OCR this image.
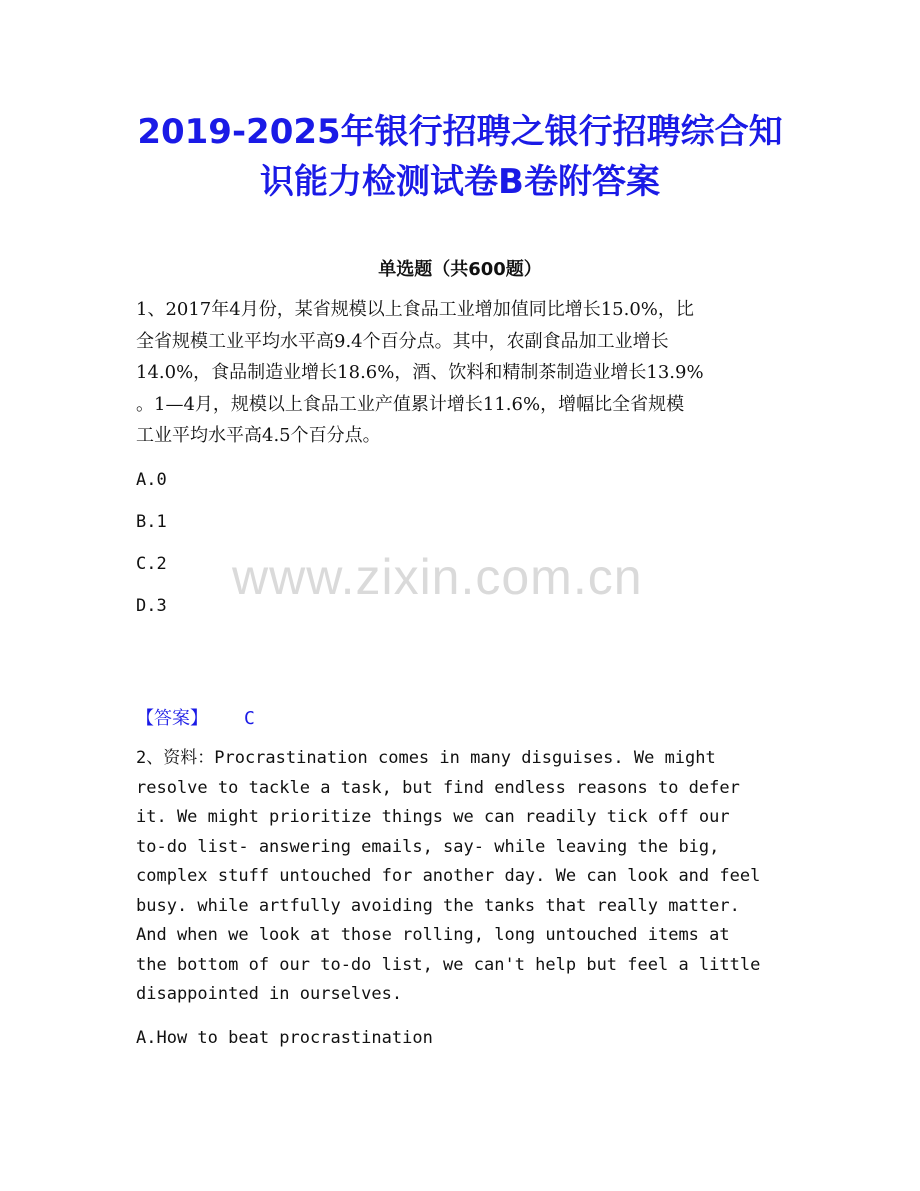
2019-2025年银行招聘之银行招聘综合知
识能力检测试卷B卷附答案
单选题（共600题）
1、2017年4月份，某省规模以上食品工业增加值同比增长15.0%，比
全省规模工业平均水平高9.4个百分点。其中，农副食品加工业增长
14.0%，食品制造业增长18.6%，酒、饮料和精制茶制造业增长13.9%
。1—4月，规模以上食品工业产值累计增长11.6%，增幅比全省规模
工业平均水平高4.5个百分点。
A.0
B.1
C.2
D.3
www.zixin.com.cn
【答案】 C
2、资料：Procrastination comes in many disguises. We might
resolve to tackle a task, but find endless reasons to defer
it. We might prioritize things we can readily tick off our
to-do list- answering emails, say- while leaving the big,
complex stuff untouched for another day. We can look and feel
busy. while artfully avoiding the tanks that really matter.
And when we look at those rolling, long untouched items at
the bottom of our to-do list, we can't help but feel a little
disappointed in ourselves.
A.How to beat procrastination
